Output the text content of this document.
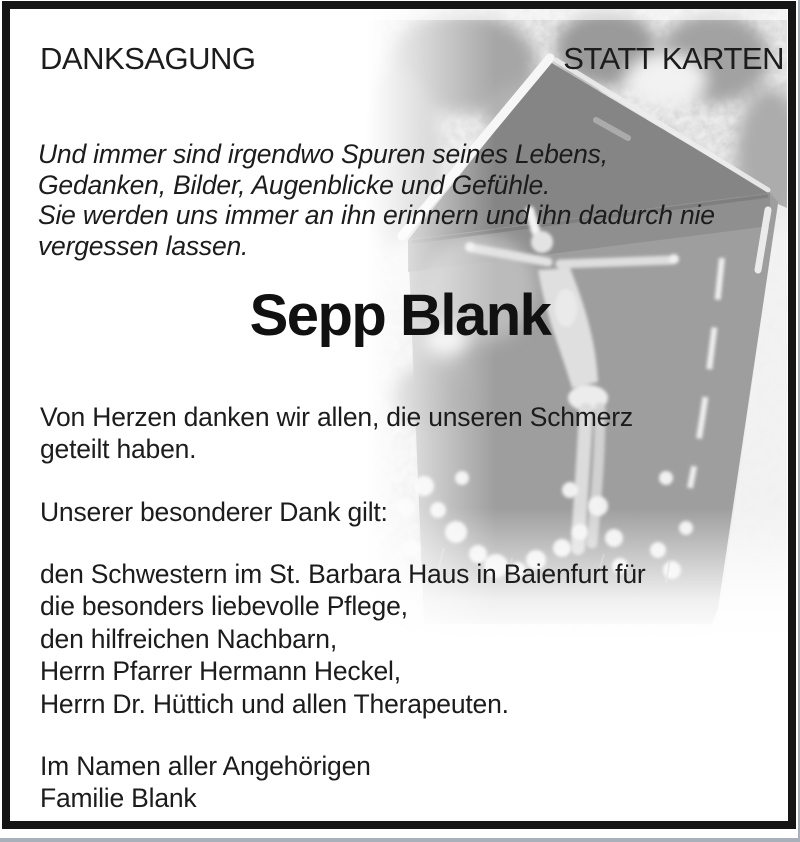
DANKSAGUNG	STATT KARTEN
Und immer sind irgendwo Spuren seines Lebens,
Gedanken, Bilder, Augenblicke und Gefühle.
Sie werden uns immer an ihn erinnern und ihn dadurch nie
vergessen lassen.
Sepp Blank
Von Herzen danken wir allen, die unseren Schmerz
geteilt haben.
Unserer besonderer Dank gilt:
den Schwestern im St. Barbara Haus in Baienfurt für
die besonders liebevolle Pflege,
den hilfreichen Nachbarn,
Herrn Pfarrer Hermann Heckel,
Herrn Dr. Hüttich und allen Therapeuten.
Im Namen aller Angehörigen
Familie Blank
